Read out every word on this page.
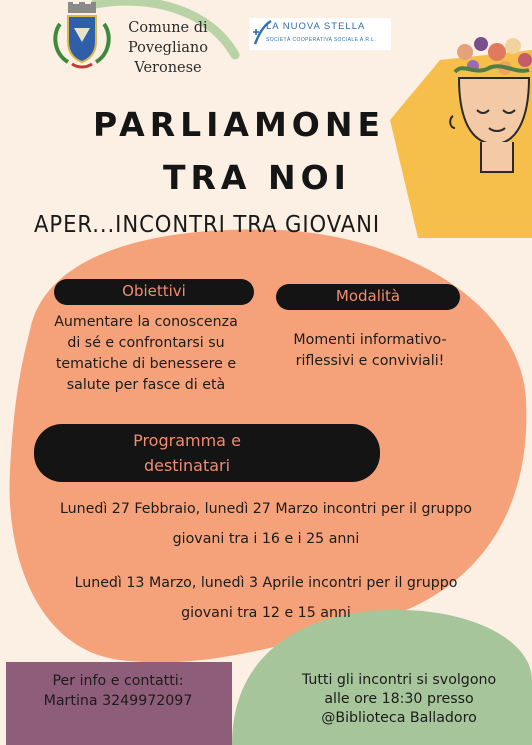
Comune di
Povegliano
Veronese
LA NUOVA STELLA
SOCIETÀ COOPERATIVA SOCIALE A.R.L.
PARLIAMONE
TRA NOI
APER...INCONTRI TRA GIOVANI
Obiettivi
Aumentare la conoscenza
di sé e confrontarsi su
tematiche di benessere e
salute per fasce di età
Modalità
Momenti informativo-
riflessivi e conviviali!
Programma e
destinatari
Lunedì 27 Febbraio, lunedì 27 Marzo incontri per il gruppo
giovani tra i 16 e i 25 anni
Lunedì 13 Marzo, lunedì 3 Aprile incontri per il gruppo
giovani tra 12 e 15 anni
Per info e contatti:
Martina 3249972097
Tutti gli incontri si svolgono
alle ore 18:30 presso
@Biblioteca Balladoro
